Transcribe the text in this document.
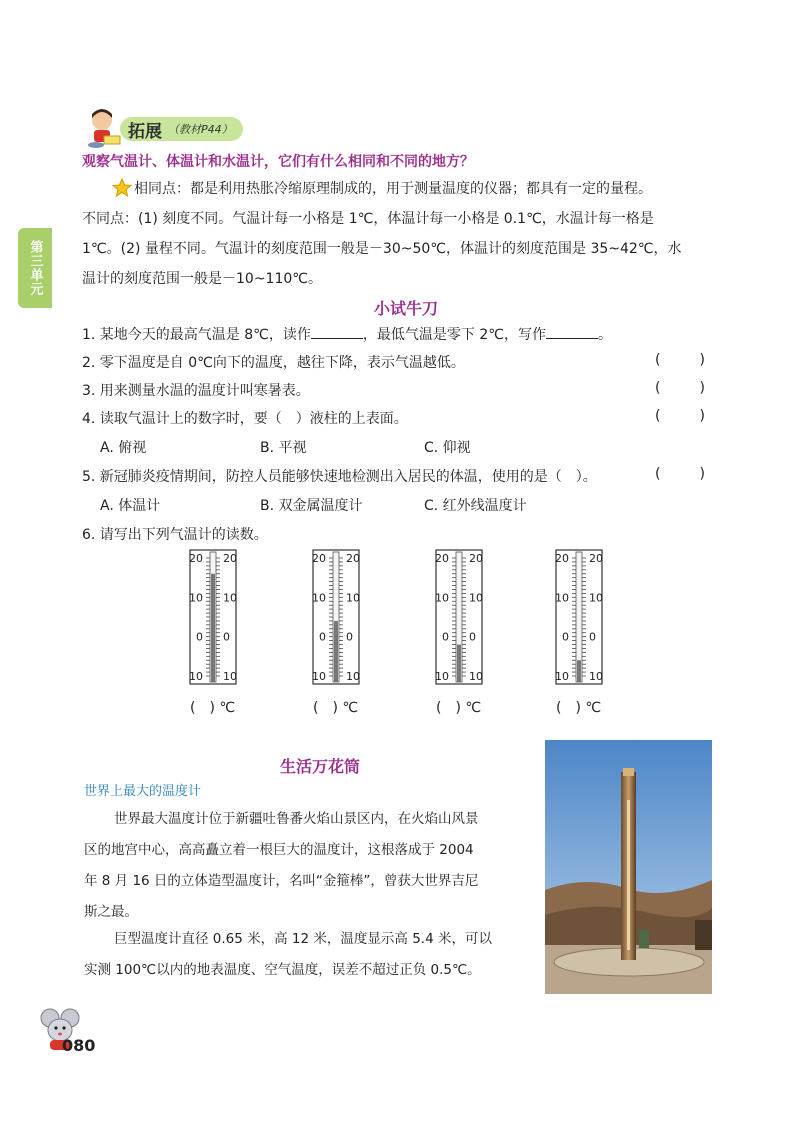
第三单元
拓展 （教材P44）
观察气温计、体温计和水温计，它们有什么相同和不同的地方？
相同点：都是利用热胀冷缩原理制成的，用于测量温度的仪器；都具有一定的量程。
不同点：(1) 刻度不同。气温计每一小格是 1℃，体温计每一小格是 0.1℃，水温计每一格是
1℃。(2) 量程不同。气温计的刻度范围一般是－30~50℃，体温计的刻度范围是 35~42℃，水
温计的刻度范围一般是－10~110℃。
小试牛刀
1. 某地今天的最高气温是 8℃，读作	，最低气温是零下 2℃，写作	。
2. 零下温度是自 0℃向下的温度，越往下降，表示气温越低。	(	)
3. 用来测量水温的温度计叫寒暑表。	(	)
4. 读取气温计上的数字时，要（　）液柱的上表面。	(	)
A. 俯视	B. 平视	C. 仰视
5. 新冠肺炎疫情期间，防控人员能够快速地检测出入居民的体温，使用的是（　）。	(	)
A. 体温计	B. 双金属温度计	C. 红外线温度计
6. 请写出下列气温计的读数。
20 20
10 10
0 0
10 10
20 20
10 10
0 0
10 10
20 20
10 10
0 0
10 10
20 20
10 10
0 0
10 10
(　) ℃	(　) ℃	(　) ℃	(　) ℃
生活万花筒
世界上最大的温度计
世界最大温度计位于新疆吐鲁番火焰山景区内，在火焰山风景
区的地宫中心，高高矗立着一根巨大的温度计，这根落成于 2004
年 8 月 16 日的立体造型温度计，名叫“金箍棒”，曾获大世界吉尼
斯之最。
巨型温度计直径 0.65 米，高 12 米，温度显示高 5.4 米，可以
实测 100℃以内的地表温度、空气温度，误差不超过正负 0.5℃。
080
